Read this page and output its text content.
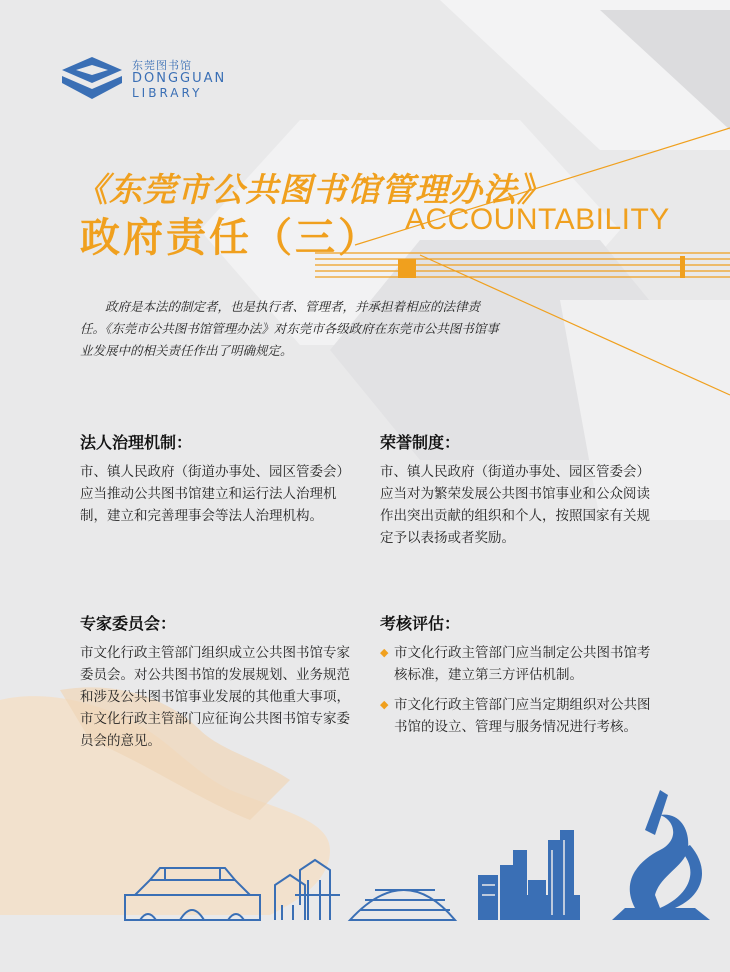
东莞图书馆
DONGGUAN
LIBRARY
《东莞市公共图书馆管理办法》
政府责任（三） ACCOUNTABILITY

政府是本法的制定者，也是执行者、管理者，并承担着相应的法律责任。《东莞市公共图书馆管理办法》对东莞市各级政府在东莞市公共图书馆事业发展中的相关责任作出了明确规定。

法人治理机制：
市、镇人民政府（街道办事处、园区管委会）应当推动公共图书馆建立和运行法人治理机制，建立和完善理事会等法人治理机构。
荣誉制度：
市、镇人民政府（街道办事处、园区管委会）应当对为繁荣发展公共图书馆事业和公众阅读作出突出贡献的组织和个人，按照国家有关规定予以表扬或者奖励。
专家委员会：
市文化行政主管部门组织成立公共图书馆专家委员会。对公共图书馆的发展规划、业务规范和涉及公共图书馆事业发展的其他重大事项，市文化行政主管部门应征询公共图书馆专家委员会的意见。
考核评估：
◆ 市文化行政主管部门应当制定公共图书馆考核标准，建立第三方评估机制。
◆ 市文化行政主管部门应当定期组织对公共图书馆的设立、管理与服务情况进行考核。
